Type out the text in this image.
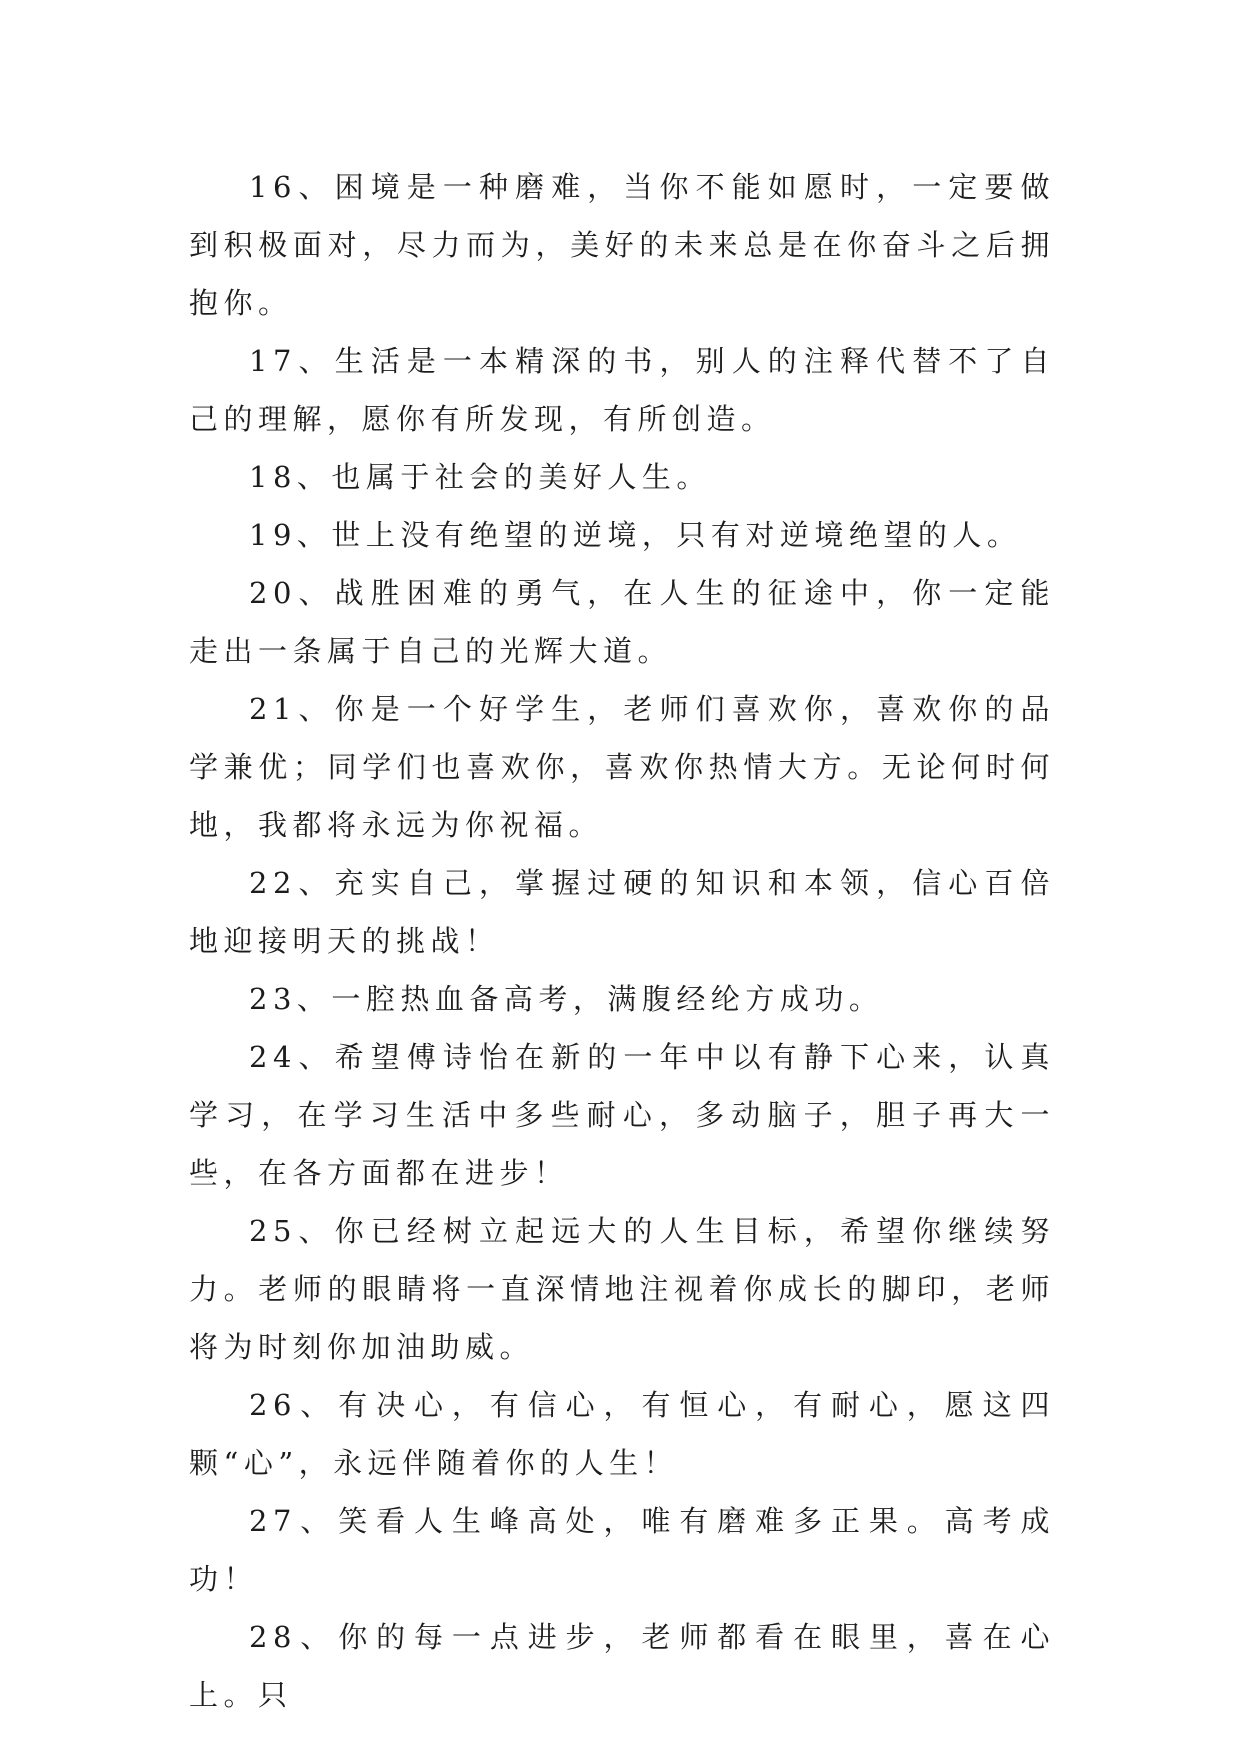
16、困境是一种磨难，当你不能如愿时，一定要做到积极面对，尽力而为，美好的未来总是在你奋斗之后拥抱你。

17、生活是一本精深的书，别人的注释代替不了自己的理解，愿你有所发现，有所创造。

18、也属于社会的美好人生。

19、世上没有绝望的逆境，只有对逆境绝望的人。

20、战胜困难的勇气，在人生的征途中，你一定能走出一条属于自己的光辉大道。

21、你是一个好学生，老师们喜欢你，喜欢你的品学兼优；同学们也喜欢你，喜欢你热情大方。无论何时何地，我都将永远为你祝福。

22、充实自己，掌握过硬的知识和本领，信心百倍地迎接明天的挑战！

23、一腔热血备高考，满腹经纶方成功。

24、希望傅诗怡在新的一年中以有静下心来，认真学习，在学习生活中多些耐心，多动脑子，胆子再大一些，在各方面都在进步！

25、你已经树立起远大的人生目标，希望你继续努力。老师的眼睛将一直深情地注视着你成长的脚印，老师将为时刻你加油助威。

26、有决心，有信心，有恒心，有耐心，愿这四颗“心”，永远伴随着你的人生！

27、笑看人生峰高处，唯有磨难多正果。高考成功！

28、你的每一点进步，老师都看在眼里，喜在心上。只
